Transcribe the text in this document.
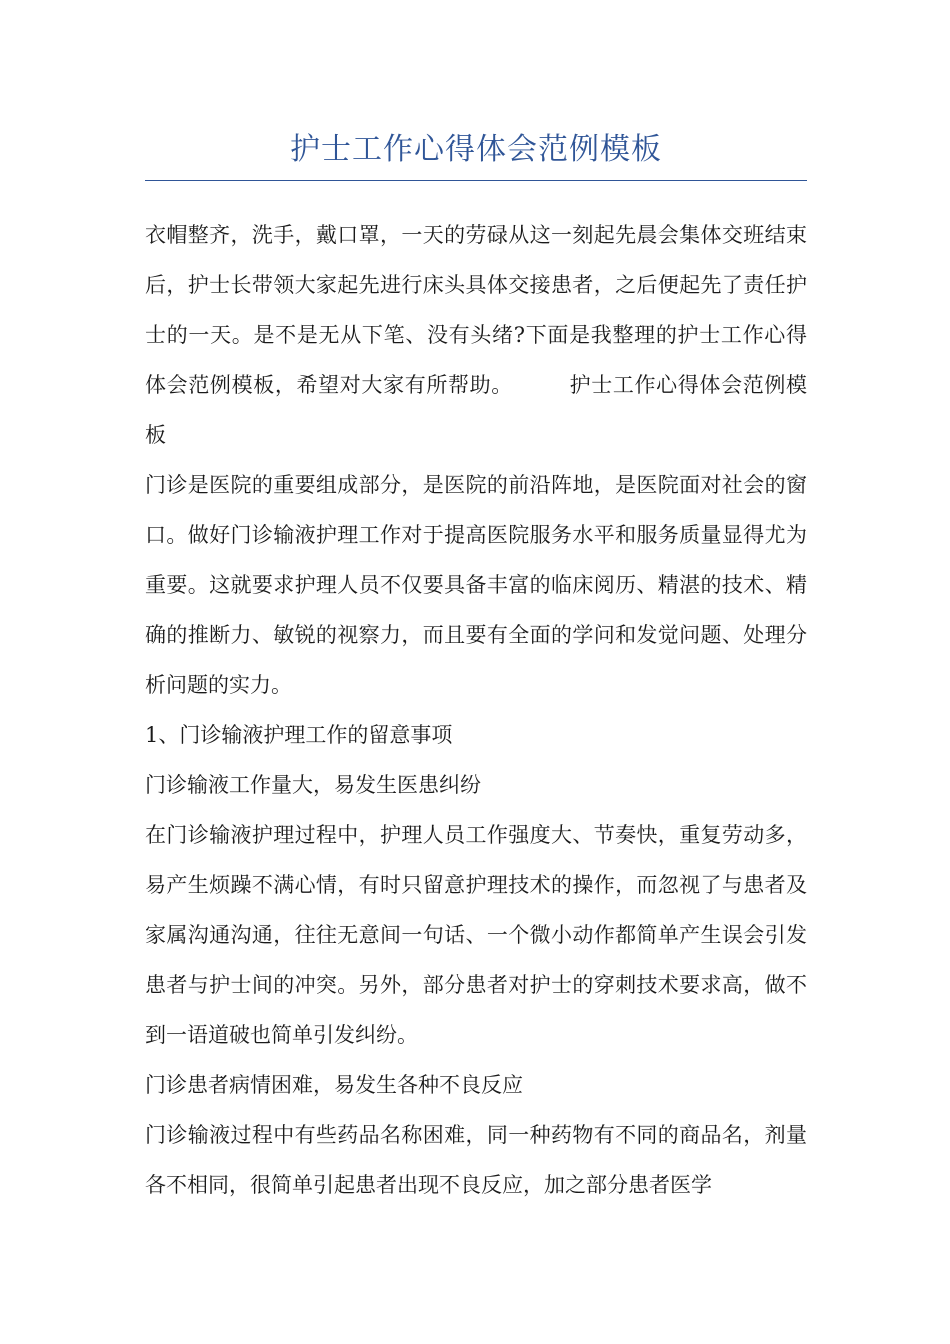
护士工作心得体会范例模板

衣帽整齐，洗手，戴口罩，一天的劳碌从这一刻起先晨会集体交班结束后，护士长带领大家起先进行床头具体交接患者，之后便起先了责任护士的一天。是不是无从下笔、没有头绪?下面是我整理的护士工作心得体会范例模板，希望对大家有所帮助。	护士工作心得体会范例模板

门诊是医院的重要组成部分，是医院的前沿阵地，是医院面对社会的窗口。做好门诊输液护理工作对于提高医院服务水平和服务质量显得尤为重要。这就要求护理人员不仅要具备丰富的临床阅历、精湛的技术、精确的推断力、敏锐的视察力，而且要有全面的学问和发觉问题、处理分析问题的实力。

1、门诊输液护理工作的留意事项

门诊输液工作量大，易发生医患纠纷

在门诊输液护理过程中，护理人员工作强度大、节奏快，重复劳动多，易产生烦躁不满心情，有时只留意护理技术的操作，而忽视了与患者及家属沟通沟通，往往无意间一句话、一个微小动作都简单产生误会引发患者与护士间的冲突。另外，部分患者对护士的穿刺技术要求高，做不到一语道破也简单引发纠纷。

门诊患者病情困难，易发生各种不良反应

门诊输液过程中有些药品名称困难，同一种药物有不同的商品名，剂量各不相同，很简单引起患者出现不良反应，加之部分患者医学
